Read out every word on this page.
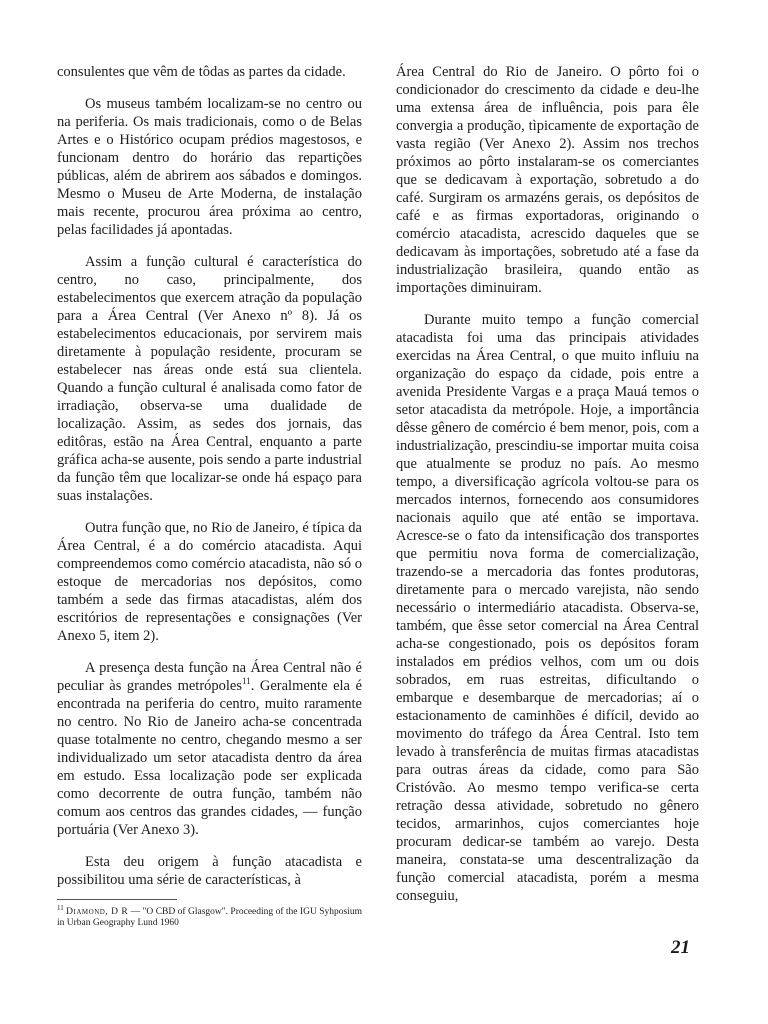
consulentes que vêm de tôdas as partes da cidade.

Os museus também localizam-se no centro ou na periferia. Os mais tradicionais, como o de Belas Artes e o Histórico ocupam prédios magestosos, e funcionam dentro do horário das repartições públicas, além de abrirem aos sábados e domingos. Mesmo o Museu de Arte Moderna, de instalação mais recente, procurou área próxima ao centro, pelas facilidades já apontadas.

Assim a função cultural é característica do centro, no caso, principalmente, dos estabelecimentos que exercem atração da população para a Área Central (Ver Anexo nº 8). Já os estabelecimentos educacionais, por servirem mais diretamente à população residente, procuram se estabelecer nas áreas onde está sua clientela. Quando a função cultural é analisada como fator de irradiação, observa-se uma dualidade de localização. Assim, as sedes dos jornais, das editôras, estão na Área Central, enquanto a parte gráfica acha-se ausente, pois sendo a parte industrial da função têm que localizar-se onde há espaço para suas instalações.

Outra função que, no Rio de Janeiro, é típica da Área Central, é a do comércio atacadista. Aqui compreendemos como comércio atacadista, não só o estoque de mercadorias nos depósitos, como também a sede das firmas atacadistas, além dos escritórios de representações e consignações (Ver Anexo 5, item 2).

A presença desta função na Área Central não é peculiar às grandes metrópoles$^{11}$. Geralmente ela é encontrada na periferia do centro, muito raramente no centro. No Rio de Janeiro acha-se concentrada quase totalmente no centro, chegando mesmo a ser individualizado um setor atacadista dentro da área em estudo. Essa localização pode ser explicada como decorrente de outra função, também não comum aos centros das grandes cidades, — função portuária (Ver Anexo 3).

Esta deu origem à função atacadista e possibilitou uma série de características, à

Área Central do Rio de Janeiro. O pôrto foi o condicionador do crescimento da cidade e deu-lhe uma extensa área de influência, pois para êle convergia a produção, tìpicamente de exportação de vasta região (Ver Anexo 2). Assim nos trechos próximos ao pôrto instalaram-se os comerciantes que se dedicavam à exportação, sobretudo a do café. Surgiram os armazéns gerais, os depósitos de café e as firmas exportadoras, originando o comércio atacadista, acrescido daqueles que se dedicavam às importações, sobretudo até a fase da industrialização brasileira, quando então as importações diminuiram.

Durante muito tempo a função comercial atacadista foi uma das principais atividades exercidas na Área Central, o que muito influiu na organização do espaço da cidade, pois entre a avenida Presidente Vargas e a praça Mauá temos o setor atacadista da metrópole. Hoje, a importância dêsse gênero de comércio é bem menor, pois, com a industrialização, prescindiu-se importar muita coisa que atualmente se produz no país. Ao mesmo tempo, a diversificação agrícola voltou-se para os mercados internos, fornecendo aos consumidores nacionais aquilo que até então se importava. Acresce-se o fato da intensificação dos transportes que permitiu nova forma de comercialização, trazendo-se a mercadoria das fontes produtoras, diretamente para o mercado varejista, não sendo necessário o intermediário atacadista. Observa-se, também, que êsse setor comercial na Área Central acha-se congestionado, pois os depósitos foram instalados em prédios velhos, com um ou dois sobrados, em ruas estreitas, dificultando o embarque e desembarque de mercadorias; aí o estacionamento de caminhões é difícil, devido ao movimento do tráfego da Área Central. Isto tem levado à transferência de muitas firmas atacadistas para outras áreas da cidade, como para São Cristóvão. Ao mesmo tempo verifica-se certa retração dessa atividade, sobretudo no gênero tecidos, armarinhos, cujos comerciantes hoje procuram dedicar-se também ao varejo. Desta maneira, constata-se uma descentralização da função comercial atacadista, porém a mesma conseguiu,

$^{11}$ Diamond, D R — "O CBD of Glasgow". Proceeding of the IGU Syhposium in Urban Geography Lund 1960
21
